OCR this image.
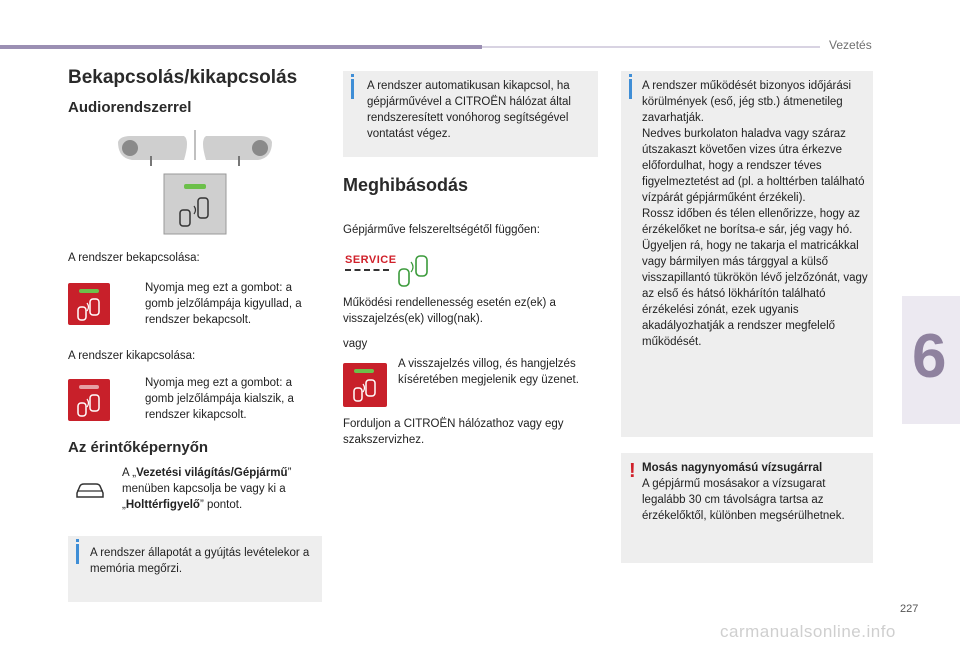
Vezetés
6
Bekapcsolás/kikapcsolás
Audiorendszerrel
A rendszer bekapcsolása:
Nyomja meg ezt a gombot: a gomb jelzőlámpája kigyullad, a rendszer bekapcsolt.
A rendszer kikapcsolása:
Nyomja meg ezt a gombot: a gomb jelzőlámpája kialszik, a rendszer kikapcsolt.
Az érintőképernyőn
A „Vezetési világítás/Gépjármű” menüben kapcsolja be vagy ki a „Holttérfigyelő” pontot.
A rendszer állapotát a gyújtás levételekor a memória megőrzi.
A rendszer automatikusan kikapcsol, ha gépjárművével a CITROËN hálózat által rendszeresített vonóhorog segítségével vontatást végez.
Meghibásodás
Gépjárműve felszereltségétől függően:
SERVICE
Működési rendellenesség esetén ez(ek) a visszajelzés(ek) villog(nak).
vagy
A visszajelzés villog, és hangjelzés kíséretében megjelenik egy üzenet.
Forduljon a CITROËN hálózathoz vagy egy szakszervizhez.
A rendszer működését bizonyos időjárási körülmények (eső, jég stb.) átmenetileg zavarhatják.
Nedves burkolaton haladva vagy száraz útszakaszt követően vizes útra érkezve előfordulhat, hogy a rendszer téves figyelmeztetést ad (pl. a holttérben található vízpárát gépjárműként érzékeli).
Rossz időben és télen ellenőrizze, hogy az érzékelőket ne borítsa-e sár, jég vagy hó.
Ügyeljen rá, hogy ne takarja el matricákkal vagy bármilyen más tárggyal a külső visszapillantó tükrökön lévő jelzőzónát, vagy az első és hátsó lökhárítón található érzékelési zónát, ezek ugyanis akadályozhatják a rendszer megfelelő működését.
! Mosás nagynyomású vízsugárral
A gépjármű mosásakor a vízsugarat legalább 30 cm távolságra tartsa az érzékelőktől, különben megsérülhetnek.
227
carmanualsonline.info
